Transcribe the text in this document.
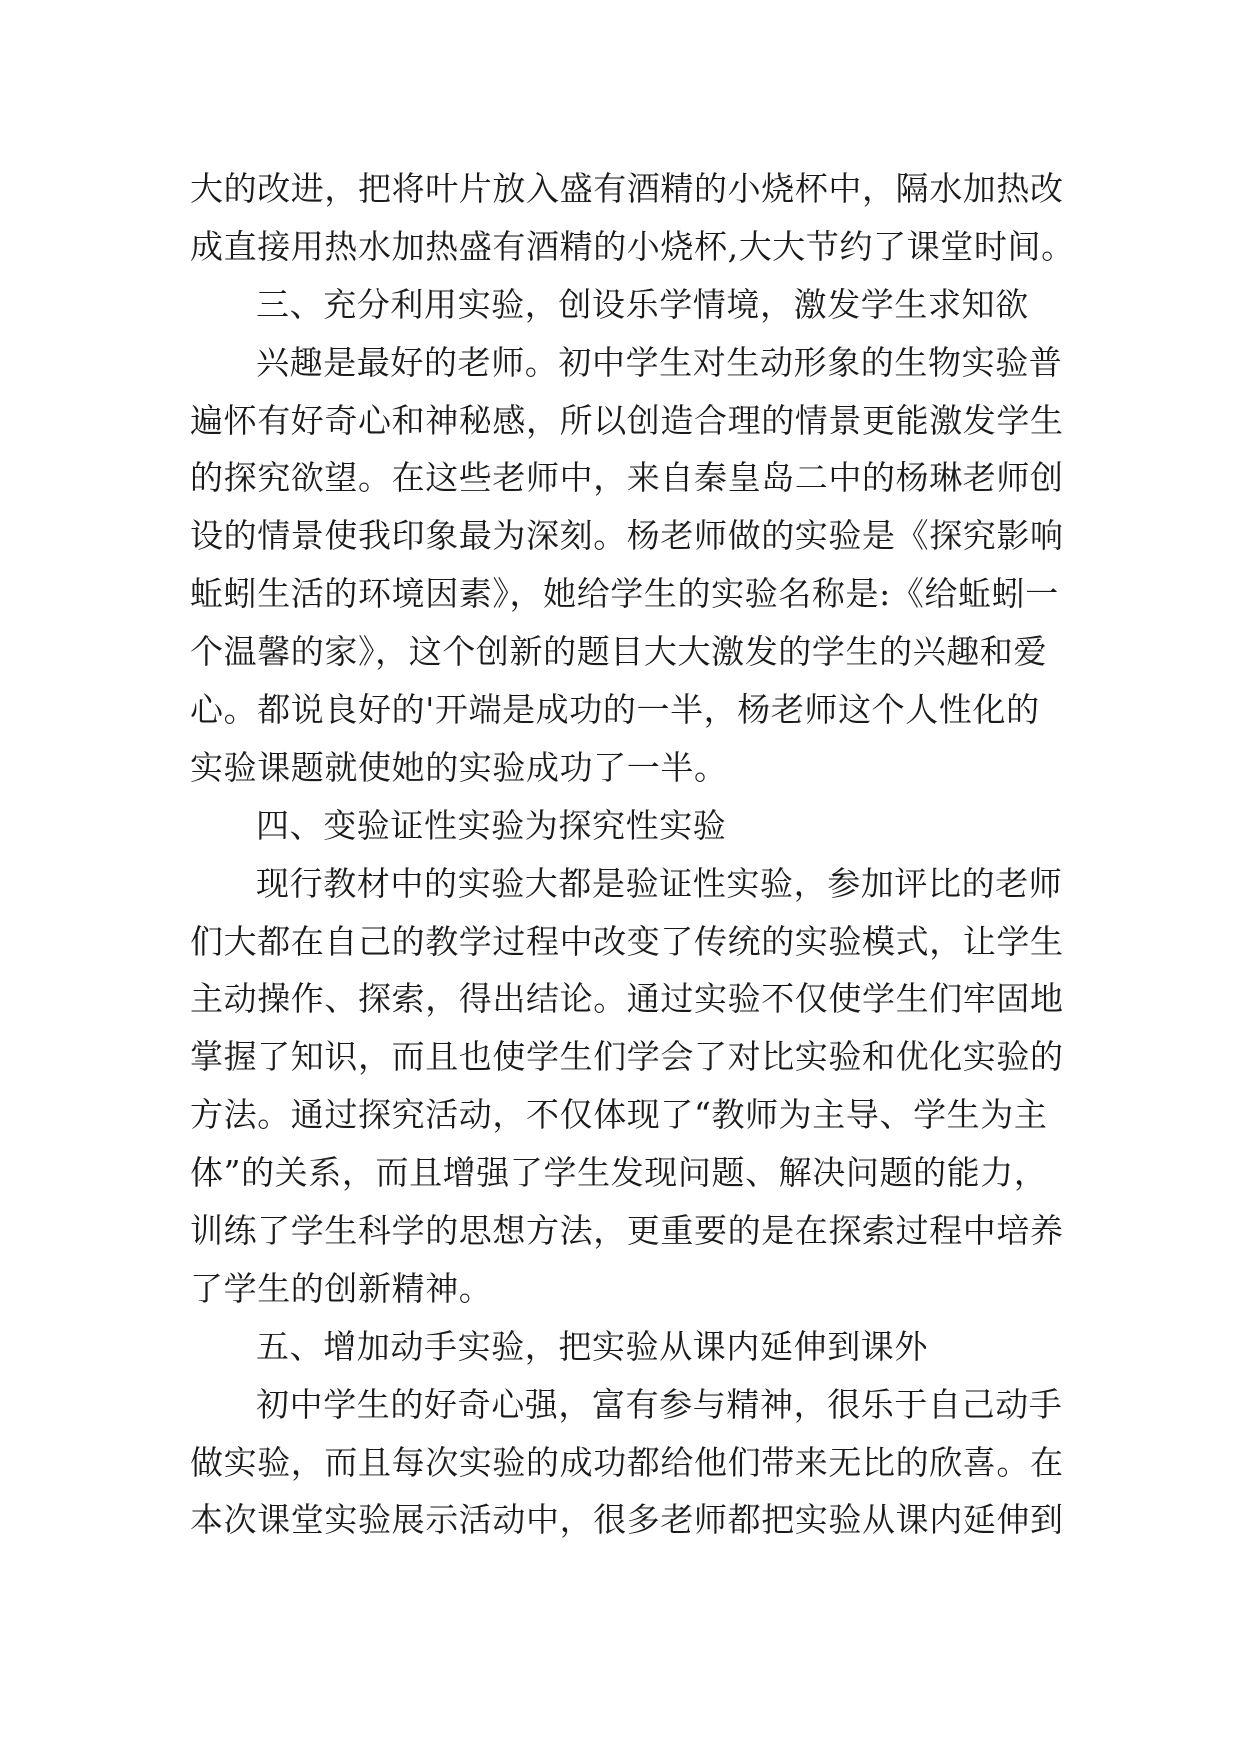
大的改进，把将叶片放入盛有酒精的小烧杯中，隔水加热改
成直接用热水加热盛有酒精的小烧杯,大大节约了课堂时间。
三、充分利用实验，创设乐学情境，激发学生求知欲
兴趣是最好的老师。初中学生对生动形象的生物实验普
遍怀有好奇心和神秘感，所以创造合理的情景更能激发学生
的探究欲望。在这些老师中，来自秦皇岛二中的杨琳老师创
设的情景使我印象最为深刻。杨老师做的实验是《探究影响
蚯蚓生活的环境因素》，她给学生的实验名称是:《给蚯蚓一
个温馨的家》，这个创新的题目大大激发的学生的兴趣和爱
心。都说良好的'开端是成功的一半，杨老师这个人性化的
实验课题就使她的实验成功了一半。
四、变验证性实验为探究性实验
现行教材中的实验大都是验证性实验，参加评比的老师
们大都在自己的教学过程中改变了传统的实验模式，让学生
主动操作、探索，得出结论。通过实验不仅使学生们牢固地
掌握了知识，而且也使学生们学会了对比实验和优化实验的
方法。通过探究活动，不仅体现了“教师为主导、学生为主
体”的关系，而且增强了学生发现问题、解决问题的能力，
训练了学生科学的思想方法，更重要的是在探索过程中培养
了学生的创新精神。
五、增加动手实验，把实验从课内延伸到课外
初中学生的好奇心强，富有参与精神，很乐于自己动手
做实验，而且每次实验的成功都给他们带来无比的欣喜。在
本次课堂实验展示活动中，很多老师都把实验从课内延伸到
